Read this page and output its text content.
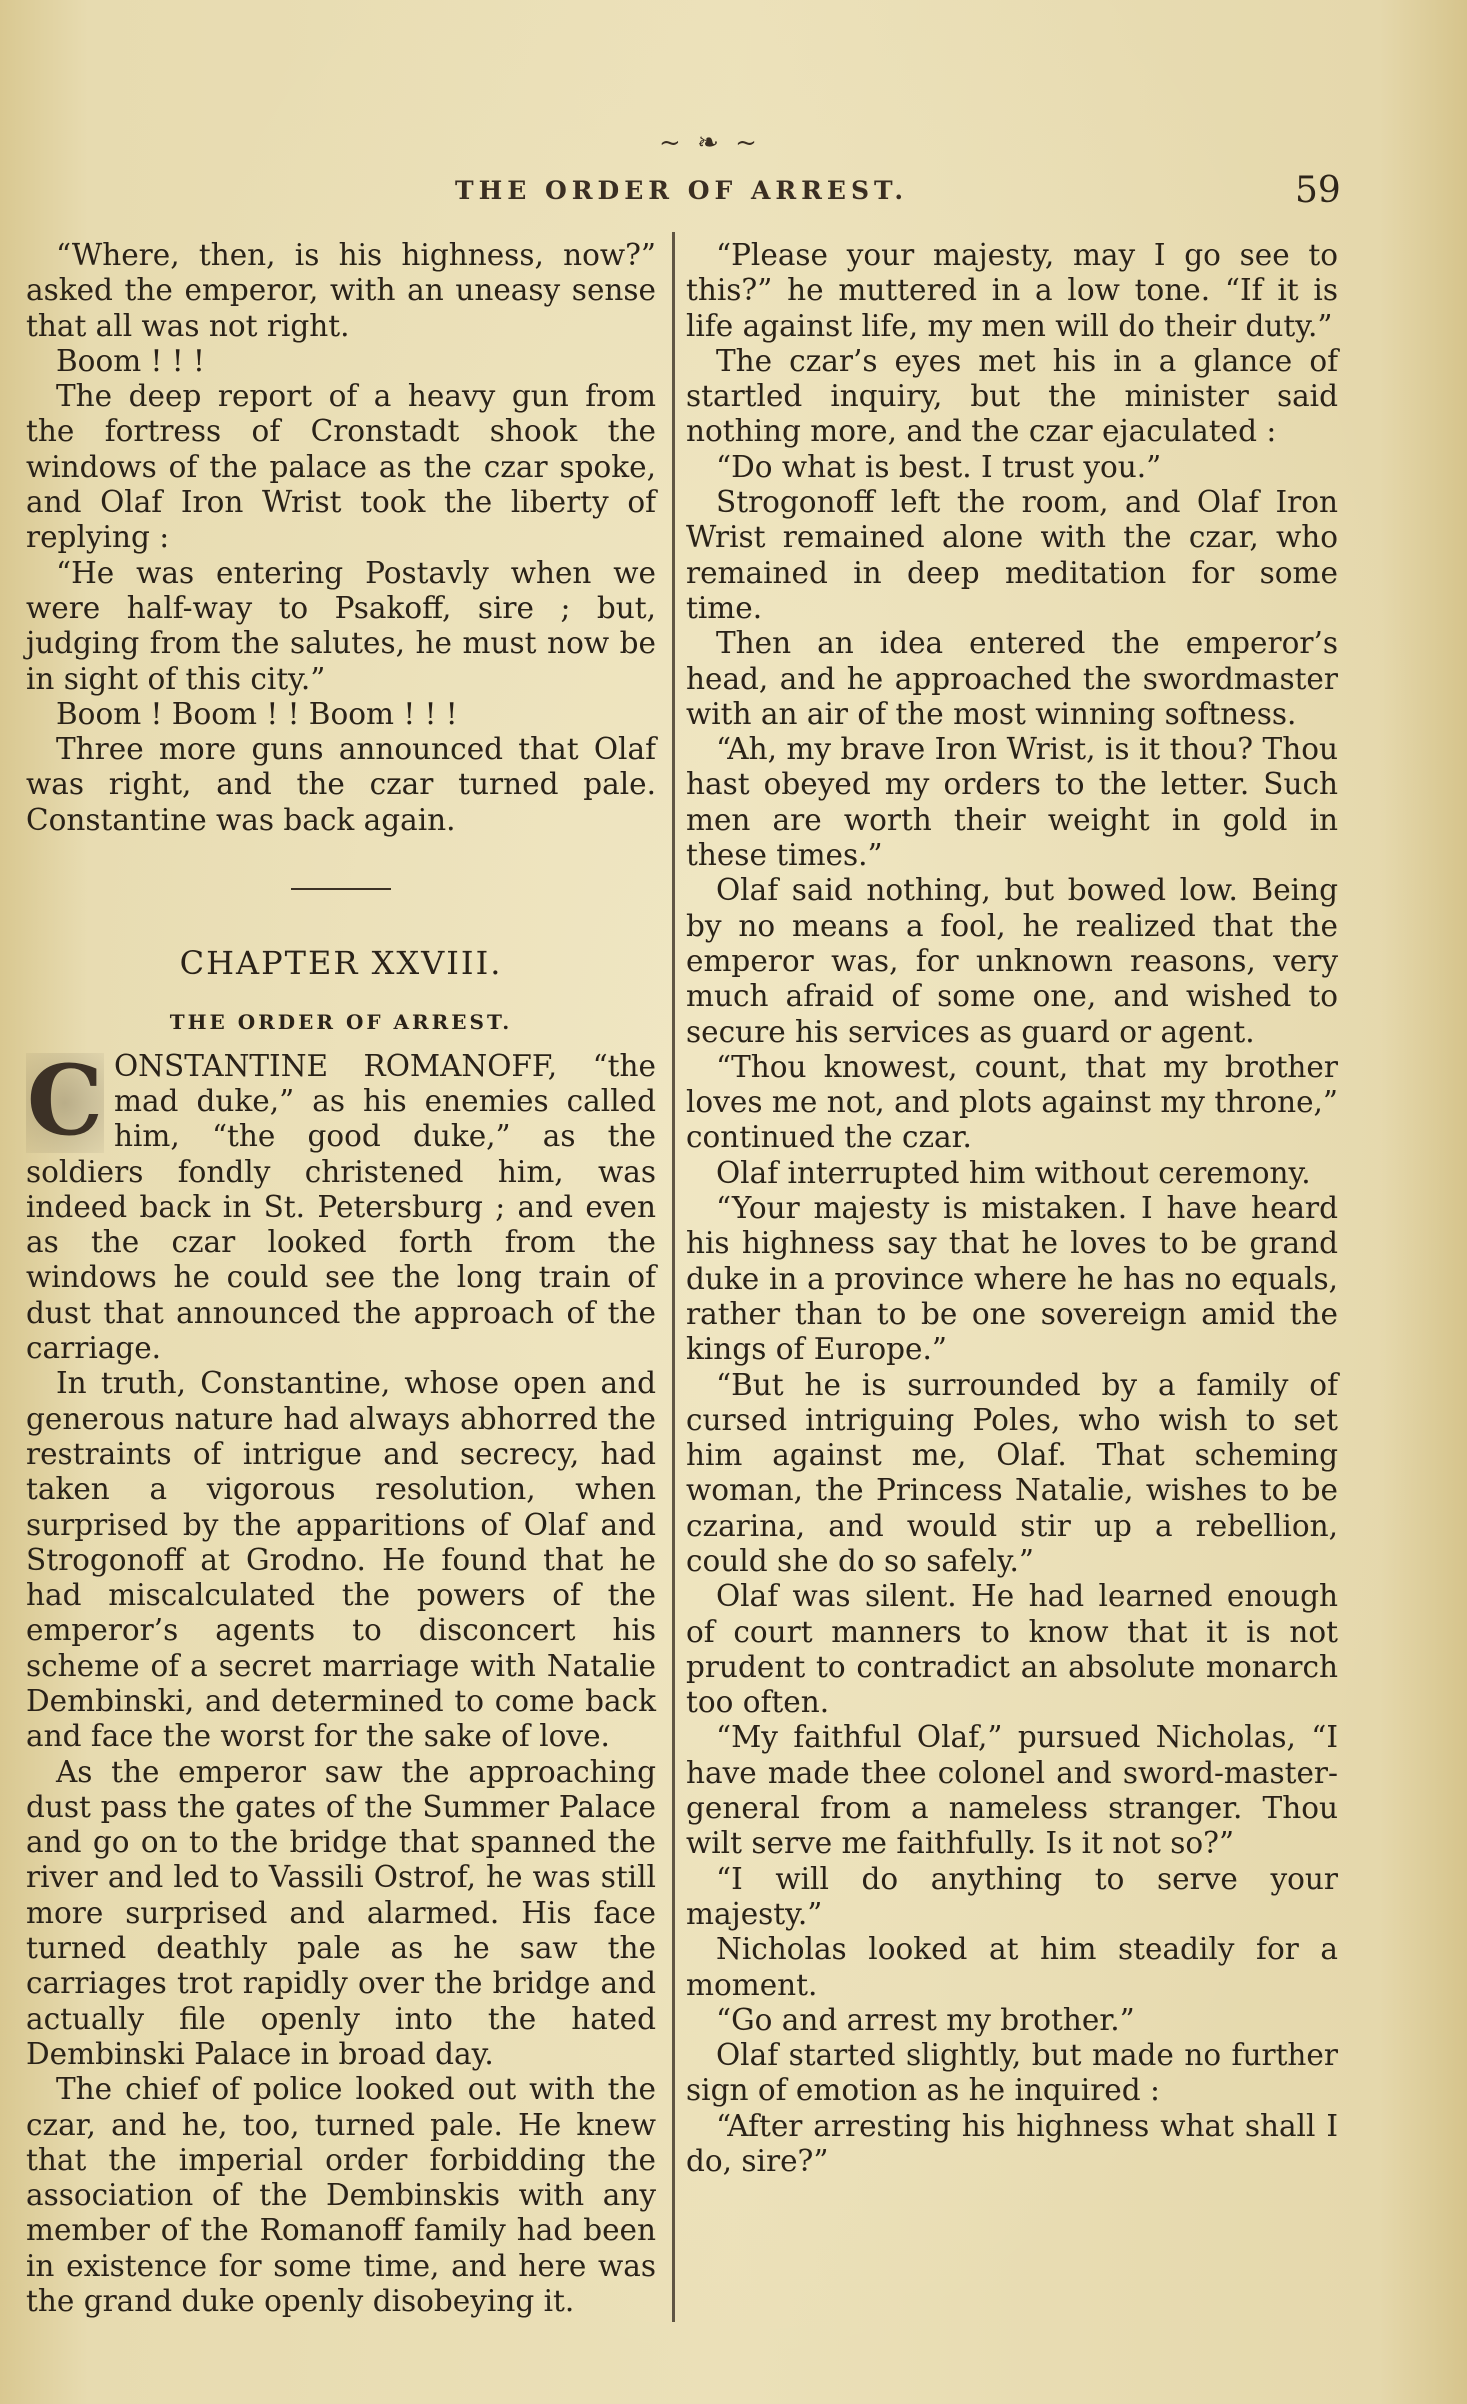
~ ❧ ~
THE ORDER OF ARREST.	59

“Where, then, is his highness, now?” asked the emperor, with an uneasy sense that all was not right.

Boom ! ! !

The deep report of a heavy gun from the fortress of Cronstadt shook the windows of the palace as the czar spoke, and Olaf Iron Wrist took the liberty of replying :

“He was entering Postavly when we were half-way to Psakoff, sire ; but, judging from the salutes, he must now be in sight of this city.”

Boom ! Boom ! ! Boom ! ! !

Three more guns announced that Olaf was right, and the czar turned pale. Constantine was back again.

CHAPTER XXVIII.
THE ORDER OF ARREST.

C ONSTANTINE ROMANOFF, “the mad duke,” as his enemies called him, “the good duke,” as the soldiers fondly christened him, was indeed back in St. Petersburg ; and even as the czar looked forth from the windows he could see the long train of dust that announced the approach of the carriage.

In truth, Constantine, whose open and generous nature had always abhorred the restraints of intrigue and secrecy, had taken a vigorous resolution, when surprised by the apparitions of Olaf and Strogonoff at Grodno. He found that he had miscalculated the powers of the emperor’s agents to disconcert his scheme of a secret marriage with Natalie Dembinski, and determined to come back and face the worst for the sake of love.

As the emperor saw the approaching dust pass the gates of the Summer Palace and go on to the bridge that spanned the river and led to Vassili Ostrof, he was still more surprised and alarmed. His face turned deathly pale as he saw the carriages trot rapidly over the bridge and actually file openly into the hated Dembinski Palace in broad day.

The chief of police looked out with the czar, and he, too, turned pale. He knew that the imperial order forbidding the association of the Dembinskis with any member of the Romanoff family had been in existence for some time, and here was the grand duke openly disobeying it.

“Please your majesty, may I go see to this?” he muttered in a low tone. “If it is life against life, my men will do their duty.”

The czar’s eyes met his in a glance of startled inquiry, but the minister said nothing more, and the czar ejaculated :

“Do what is best. I trust you.”

Strogonoff left the room, and Olaf Iron Wrist remained alone with the czar, who remained in deep meditation for some time.

Then an idea entered the emperor’s head, and he approached the swordmaster with an air of the most winning softness.

“Ah, my brave Iron Wrist, is it thou? Thou hast obeyed my orders to the letter. Such men are worth their weight in gold in these times.”

Olaf said nothing, but bowed low. Being by no means a fool, he realized that the emperor was, for unknown reasons, very much afraid of some one, and wished to secure his services as guard or agent.

“Thou knowest, count, that my brother loves me not, and plots against my throne,” continued the czar.

Olaf interrupted him without ceremony.

“Your majesty is mistaken. I have heard his highness say that he loves to be grand duke in a province where he has no equals, rather than to be one sovereign amid the kings of Europe.”

“But he is surrounded by a family of cursed intriguing Poles, who wish to set him against me, Olaf. That scheming woman, the Princess Natalie, wishes to be czarina, and would stir up a rebellion, could she do so safely.”

Olaf was silent. He had learned enough of court manners to know that it is not prudent to contradict an absolute monarch too often.

“My faithful Olaf,” pursued Nicholas, “I have made thee colonel and sword-master-general from a nameless stranger. Thou wilt serve me faithfully. Is it not so?”

“I will do anything to serve your majesty.”

Nicholas looked at him steadily for a moment.

“Go and arrest my brother.”

Olaf started slightly, but made no further sign of emotion as he inquired :

“After arresting his highness what shall I do, sire?”
